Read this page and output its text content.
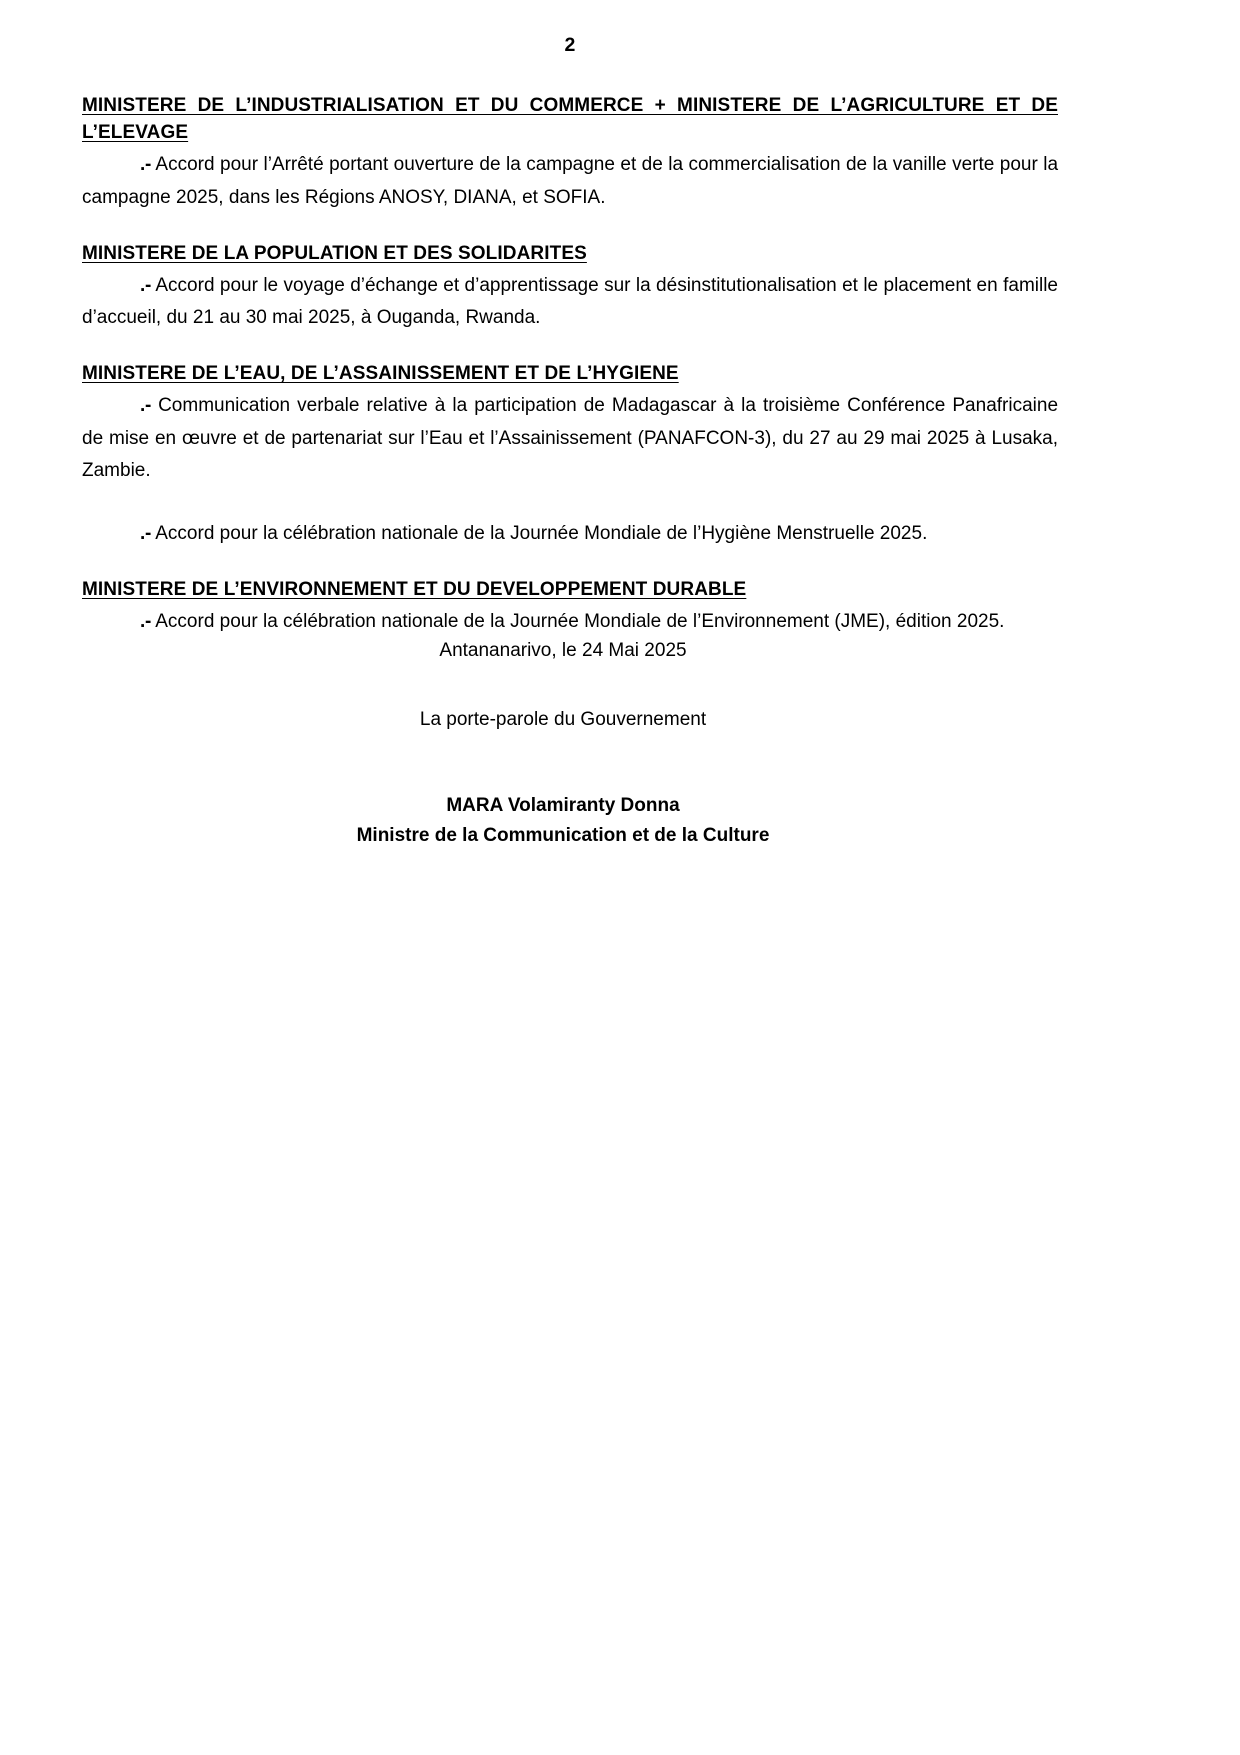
2
MINISTERE DE L’INDUSTRIALISATION ET DU COMMERCE + MINISTERE DE L’AGRICULTURE ET DE L’ELEVAGE

.- Accord pour l’Arrêté portant ouverture de la campagne et de la commercialisation de la vanille verte pour la campagne 2025, dans les Régions ANOSY, DIANA, et SOFIA.

MINISTERE DE LA POPULATION ET DES SOLIDARITES

.- Accord pour le voyage d’échange et d’apprentissage sur la désinstitutionalisation et le placement en famille d’accueil, du 21 au 30 mai 2025, à Ouganda, Rwanda.

MINISTERE DE L’EAU, DE L’ASSAINISSEMENT ET DE L’HYGIENE

.- Communication verbale relative à la participation de Madagascar à la troisième Conférence Panafricaine de mise en œuvre et de partenariat sur l’Eau et l’Assainissement (PANAFCON-3), du 27 au 29 mai 2025 à Lusaka, Zambie.

.- Accord pour la célébration nationale de la Journée Mondiale de l’Hygiène Menstruelle 2025.

MINISTERE DE L’ENVIRONNEMENT ET DU DEVELOPPEMENT DURABLE

.- Accord pour la célébration nationale de la Journée Mondiale de l’Environnement (JME), édition 2025.

Antananarivo, le 24 Mai 2025

La porte-parole du Gouvernement

MARA Volamiranty Donna

Ministre de la Communication et de la Culture
